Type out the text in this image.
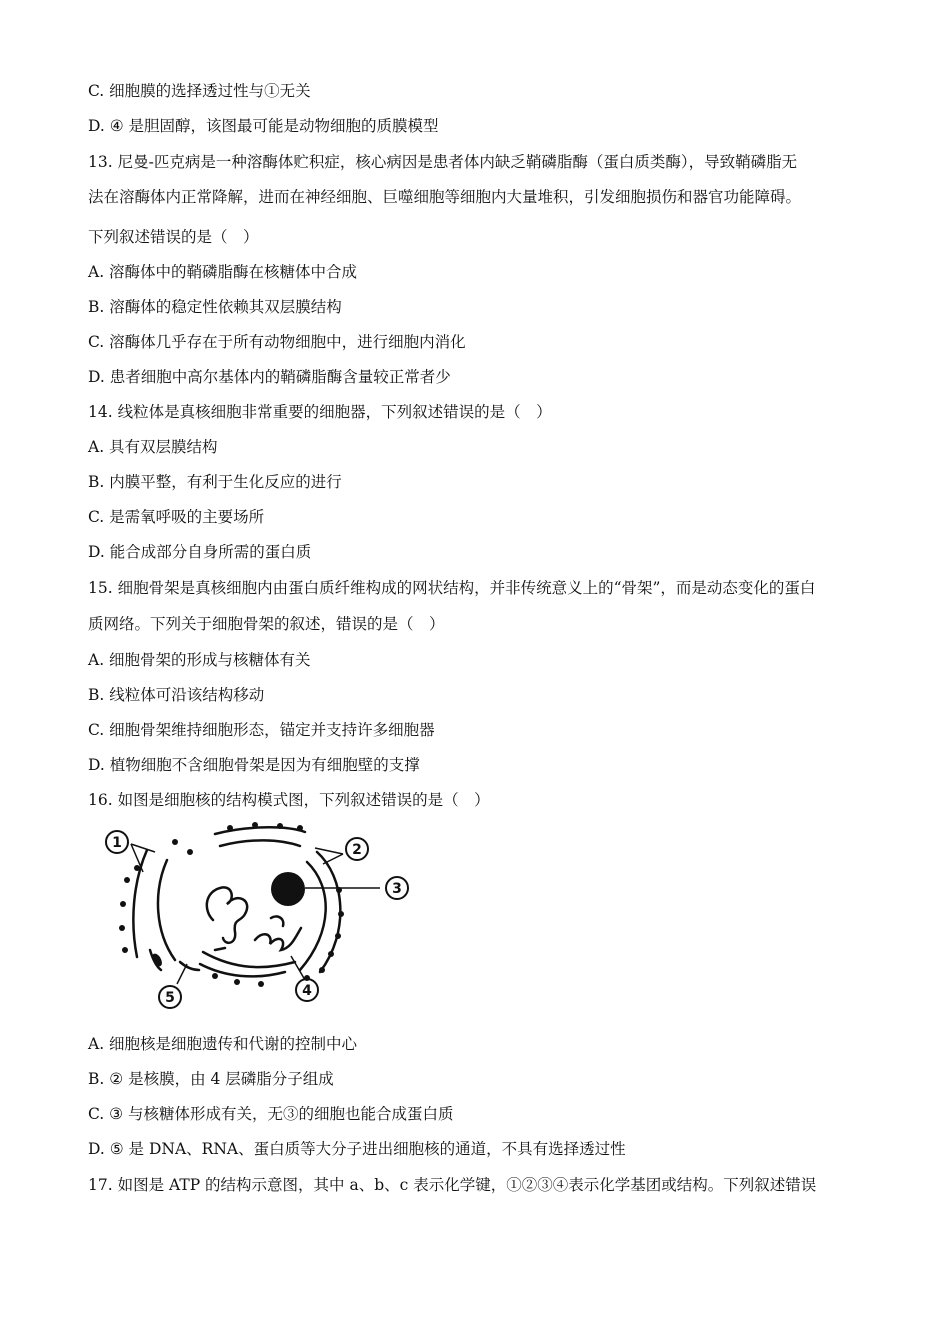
C. 细胞膜的选择透过性与①无关
D. ④ 是胆固醇，该图最可能是动物细胞的质膜模型
13. 尼曼-匹克病是一种溶酶体贮积症，核心病因是患者体内缺乏鞘磷脂酶（蛋白质类酶），导致鞘磷脂无
法在溶酶体内正常降解，进而在神经细胞、巨噬细胞等细胞内大量堆积，引发细胞损伤和器官功能障碍。
下列叙述错误的是（　）
A. 溶酶体中的鞘磷脂酶在核糖体中合成
B. 溶酶体的稳定性依赖其双层膜结构
C. 溶酶体几乎存在于所有动物细胞中，进行细胞内消化
D. 患者细胞中高尔基体内的鞘磷脂酶含量较正常者少
14. 线粒体是真核细胞非常重要的细胞器，下列叙述错误的是（　）
A. 具有双层膜结构
B. 内膜平整，有利于生化反应的进行
C. 是需氧呼吸的主要场所
D. 能合成部分自身所需的蛋白质
15. 细胞骨架是真核细胞内由蛋白质纤维构成的网状结构，并非传统意义上的“骨架”，而是动态变化的蛋白
质网络。下列关于细胞骨架的叙述，错误的是（　）
A. 细胞骨架的形成与核糖体有关
B. 线粒体可沿该结构移动
C. 细胞骨架维持细胞形态，锚定并支持许多细胞器
D. 植物细胞不含细胞骨架是因为有细胞壁的支撑
16. 如图是细胞核的结构模式图，下列叙述错误的是（　）
1	2
3
4
5
A. 细胞核是细胞遗传和代谢的控制中心
B. ② 是核膜，由 4 层磷脂分子组成
C. ③ 与核糖体形成有关，无③的细胞也能合成蛋白质
D. ⑤ 是 DNA、RNA、蛋白质等大分子进出细胞核的通道，不具有选择透过性
17. 如图是 ATP 的结构示意图，其中 a、b、c 表示化学键，①②③④表示化学基团或结构。下列叙述错误
